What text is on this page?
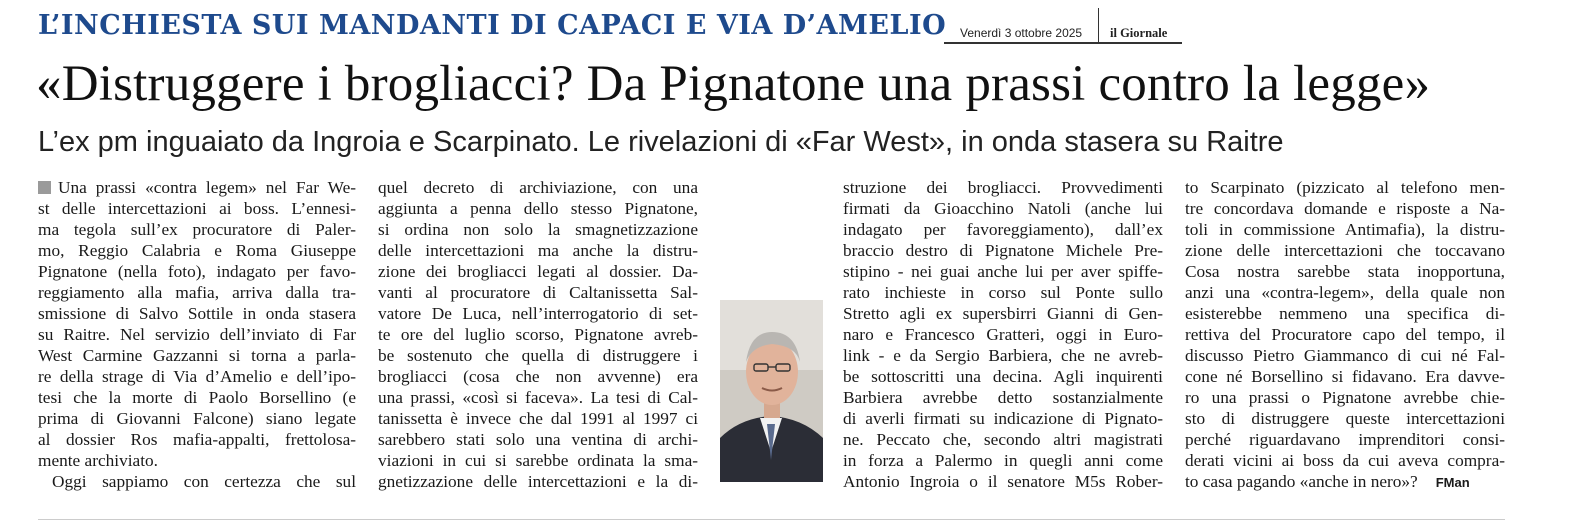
L’INCHIESTA SUI MANDANTI DI CAPACI E VIA D’AMELIO Venerdì 3 ottobre 2025 il Giornale
«Distruggere i brogliacci? Da Pignatone una prassi contro la legge»
L’ex pm inguaiato da Ingroia e Scarpinato. Le rivelazioni di «Far West», in onda stasera su Raitre
Una prassi «contra legem» nel Far We-
st delle intercettazioni ai boss. L’ennesi-
ma tegola sull’ex procuratore di Paler-
mo, Reggio Calabria e Roma Giuseppe
Pignatone (nella foto), indagato per favo-
reggiamento alla mafia, arriva dalla tra-
smissione di Salvo Sottile in onda stasera
su Raitre. Nel servizio dell’inviato di Far
West Carmine Gazzanni si torna a parla-
re della strage di Via d’Amelio e dell’ipo-
tesi che la morte di Paolo Borsellino (e
prima di Giovanni Falcone) siano legate
al dossier Ros mafia-appalti, frettolosa-
mente archiviato.
Oggi sappiamo con certezza che sul
quel decreto di archiviazione, con una
aggiunta a penna dello stesso Pignatone,
si ordina non solo la smagnetizzazione
delle intercettazioni ma anche la distru-
zione dei brogliacci legati al dossier. Da-
vanti al procuratore di Caltanissetta Sal-
vatore De Luca, nell’interrogatorio di set-
te ore del luglio scorso, Pignatone avreb-
be sostenuto che quella di distruggere i
brogliacci (cosa che non avvenne) era
una prassi, «così si faceva». La tesi di Cal-
tanissetta è invece che dal 1991 al 1997 ci
sarebbero stati solo una ventina di archi-
viazioni in cui si sarebbe ordinata la sma-
gnetizzazione delle intercettazioni e la di-
struzione dei brogliacci. Provvedimenti
firmati da Gioacchino Natoli (anche lui
indagato per favoreggiamento), dall’ex
braccio destro di Pignatone Michele Pre-
stipino - nei guai anche lui per aver spiffe-
rato inchieste in corso sul Ponte sullo
Stretto agli ex supersbirri Gianni di Gen-
naro e Francesco Gratteri, oggi in Euro-
link - e da Sergio Barbiera, che ne avreb-
be sottoscritti una decina. Agli inquirenti
Barbiera avrebbe detto sostanzialmente
di averli firmati su indicazione di Pignato-
ne. Peccato che, secondo altri magistrati
in forza a Palermo in quegli anni come
Antonio Ingroia o il senatore M5s Rober-
to Scarpinato (pizzicato al telefono men-
tre concordava domande e risposte a Na-
toli in commissione Antimafia), la distru-
zione delle intercettazioni che toccavano
Cosa nostra sarebbe stata inopportuna,
anzi una «contra-legem», della quale non
esisterebbe nemmeno una specifica di-
rettiva del Procuratore capo del tempo, il
discusso Pietro Giammanco di cui né Fal-
cone né Borsellino si fidavano. Era davve-
ro una prassi o Pignatone avrebbe chie-
sto di distruggere queste intercettazioni
perché riguardavano imprenditori consi-
derati vicini ai boss da cui aveva compra-
to casa pagando «anche in nero»? FMan
